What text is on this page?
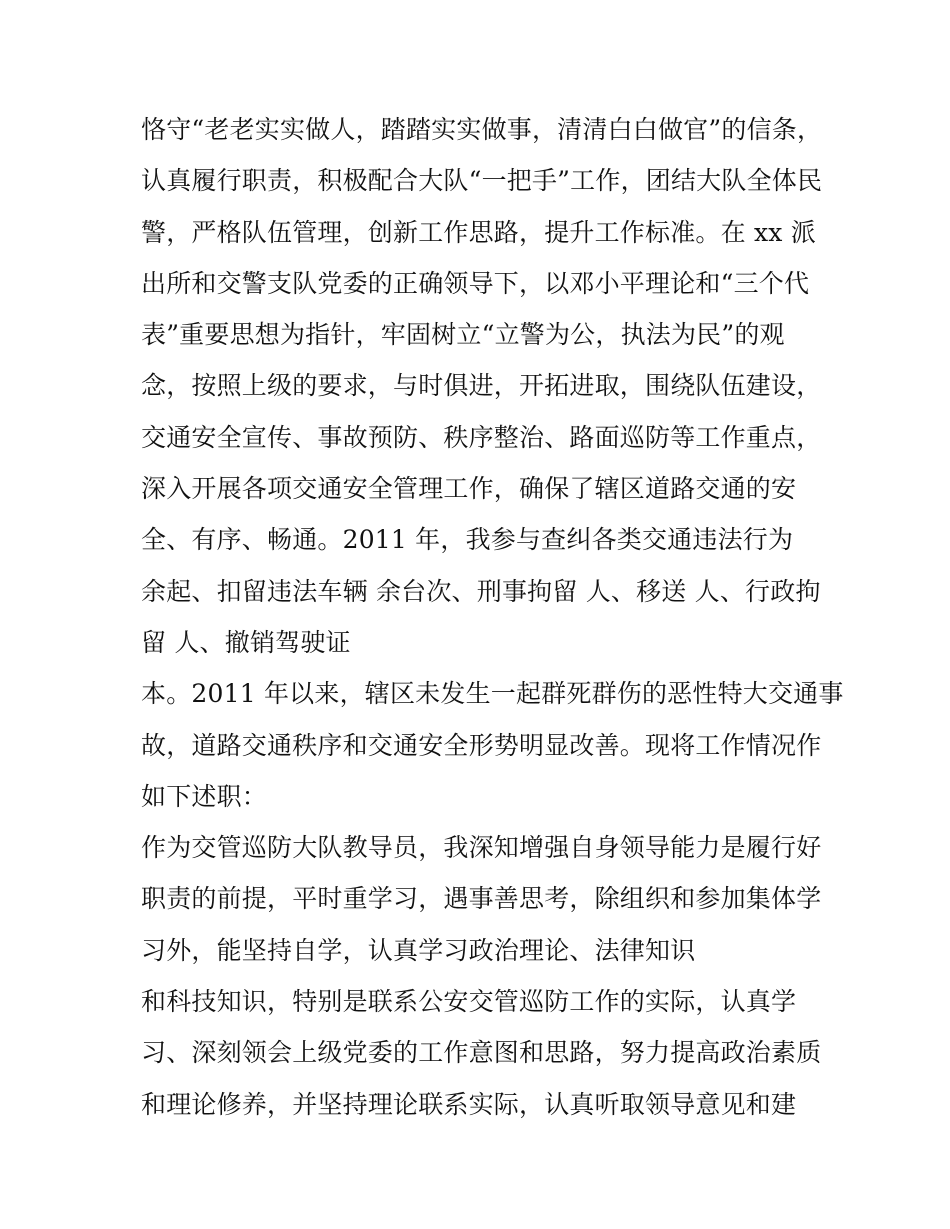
恪守“老老实实做人，踏踏实实做事，清清白白做官”的信条，
认真履行职责，积极配合大队“一把手”工作，团结大队全体民
警，严格队伍管理，创新工作思路，提升工作标准。在 xx 派
出所和交警支队党委的正确领导下，以邓小平理论和“三个代
表”重要思想为指针，牢固树立“立警为公，执法为民”的观
念，按照上级的要求，与时俱进，开拓进取，围绕队伍建设，
交通安全宣传、事故预防、秩序整治、路面巡防等工作重点，
深入开展各项交通安全管理工作，确保了辖区道路交通的安
全、有序、畅通。2011 年，我参与查纠各类交通违法行为
余起、扣留违法车辆 余台次、刑事拘留 人、移送 人、行政拘
留 人、撤销驾驶证
本。2011 年以来，辖区未发生一起群死群伤的恶性特大交通事
故，道路交通秩序和交通安全形势明显改善。现将工作情况作
如下述职：
作为交管巡防大队教导员，我深知增强自身领导能力是履行好
职责的前提，平时重学习，遇事善思考，除组织和参加集体学
习外，能坚持自学，认真学习政治理论、法律知识
和科技知识，特别是联系公安交管巡防工作的实际，认真学
习、深刻领会上级党委的工作意图和思路，努力提高政治素质
和理论修养，并坚持理论联系实际，认真听取领导意见和建
